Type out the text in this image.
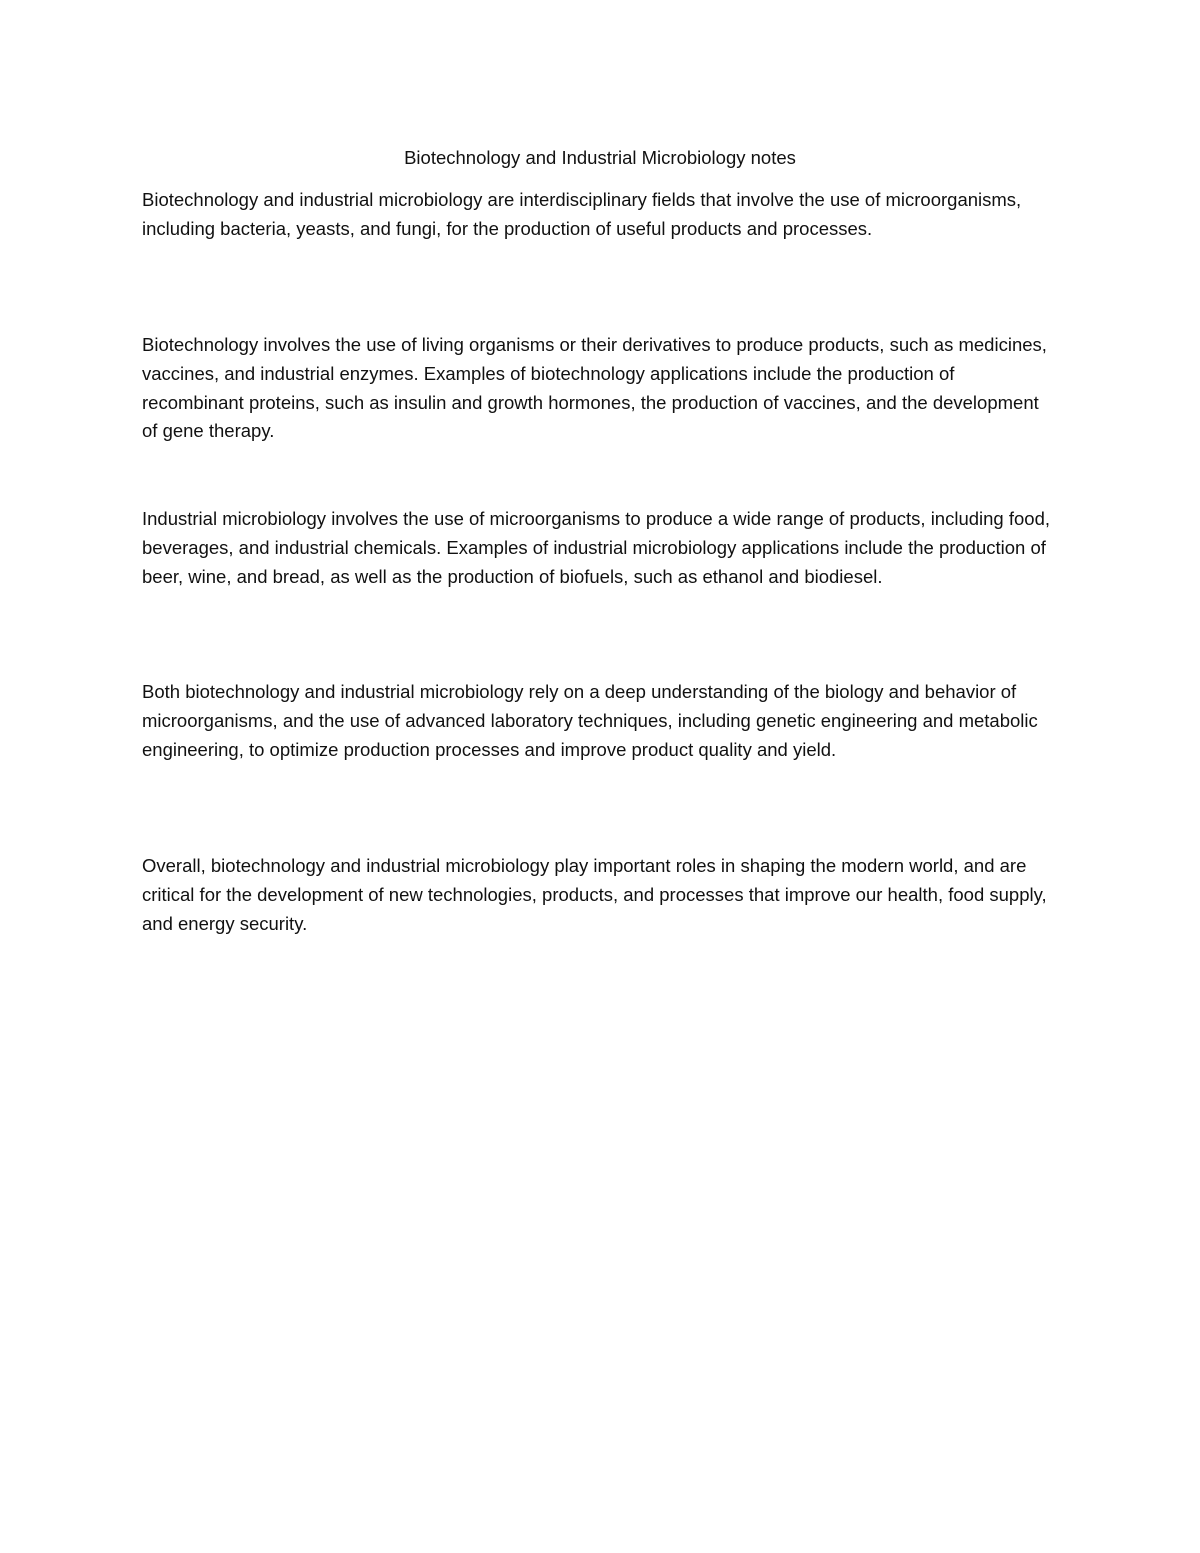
Biotechnology and Industrial Microbiology notes

Biotechnology and industrial microbiology are interdisciplinary fields that involve the use of microorganisms, including bacteria, yeasts, and fungi, for the production of useful products and processes.

Biotechnology involves the use of living organisms or their derivatives to produce products, such as medicines, vaccines, and industrial enzymes. Examples of biotechnology applications include the production of recombinant proteins, such as insulin and growth hormones, the production of vaccines, and the development of gene therapy.

Industrial microbiology involves the use of microorganisms to produce a wide range of products, including food, beverages, and industrial chemicals. Examples of industrial microbiology applications include the production of beer, wine, and bread, as well as the production of biofuels, such as ethanol and biodiesel.

Both biotechnology and industrial microbiology rely on a deep understanding of the biology and behavior of microorganisms, and the use of advanced laboratory techniques, including genetic engineering and metabolic engineering, to optimize production processes and improve product quality and yield.

Overall, biotechnology and industrial microbiology play important roles in shaping the modern world, and are critical for the development of new technologies, products, and processes that improve our health, food supply, and energy security.
